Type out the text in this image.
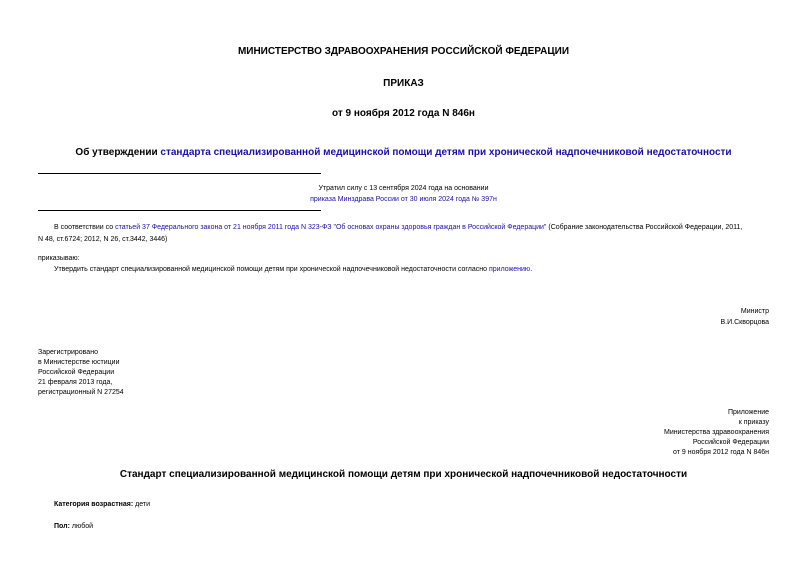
МИНИСТЕРСТВО ЗДРАВООХРАНЕНИЯ РОССИЙСКОЙ ФЕДЕРАЦИИ
ПРИКАЗ
от 9 ноября 2012 года N 846н
Об утверждении стандарта специализированной медицинской помощи детям при хронической надпочечниковой недостаточности
Утратил силу с 13 сентября 2024 года на основании
приказа Минздрава России от 30 июля 2024 года № 397н
В соответствии со статьей 37 Федерального закона от 21 ноября 2011 года N 323-ФЗ "Об основах охраны здоровья граждан в Российской Федерации" (Собрание законодательства Российской Федерации, 2011,
N 48, ст.6724; 2012, N 26, ст.3442, 3446)
приказываю:
Утвердить стандарт специализированной медицинской помощи детям при хронической надпочечниковой недостаточности согласно приложению.
Министр
В.И.Скворцова
Зарегистрировано
в Министерстве юстиции
Российской Федерации
21 февраля 2013 года,
регистрационный N 27254
Приложение
к приказу
Министерства здравоохранения
Российской Федерации
от 9 ноября 2012 года N 846н
Стандарт специализированной медицинской помощи детям при хронической надпочечниковой недостаточности
Категория возрастная: дети
Пол: любой
